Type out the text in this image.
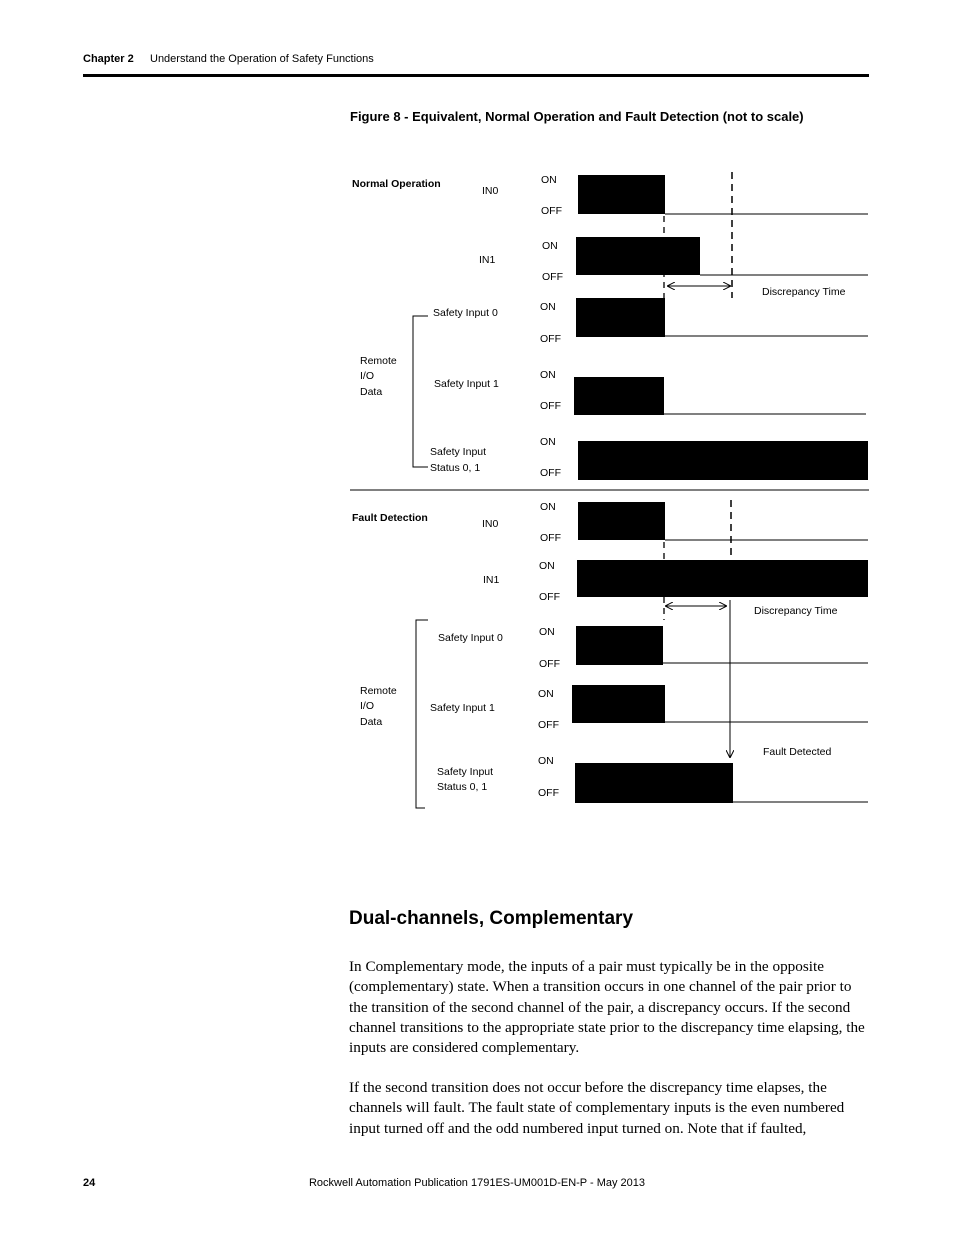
Chapter 2 Understand the Operation of Safety Functions
Figure 8 - Equivalent, Normal Operation and Fault Detection (not to scale)
Normal Operation
IN0
IN1
Safety Input 0
Safety Input 1
Safety Input
Status 0, 1
Remote
I/O
Data
ON
OFF
ON
OFF
ON
OFF
ON
OFF
ON
OFF
Discrepancy Time
Fault Detection	IN0
IN1
Safety Input 0
Safety Input 1
Safety Input
Status 0, 1
Remote
I/O
Data
ON
OFF
ON
OFF
ON
OFF
ON
OFF
ON
OFF
Discrepancy Time
Fault Detected
Dual-channels, Complementary

In Complementary mode, the inputs of a pair must typically be in the opposite (complementary) state. When a transition occurs in one channel of the pair prior to the transition of the second channel of the pair, a discrepancy occurs. If the second channel transitions to the appropriate state prior to the discrepancy time elapsing, the inputs are considered complementary.

If the second transition does not occur before the discrepancy time elapses, the channels will fault. The fault state of complementary inputs is the even numbered input turned off and the odd numbered input turned on. Note that if faulted,

24	Rockwell Automation Publication 1791ES-UM001D-EN-P - May 2013
